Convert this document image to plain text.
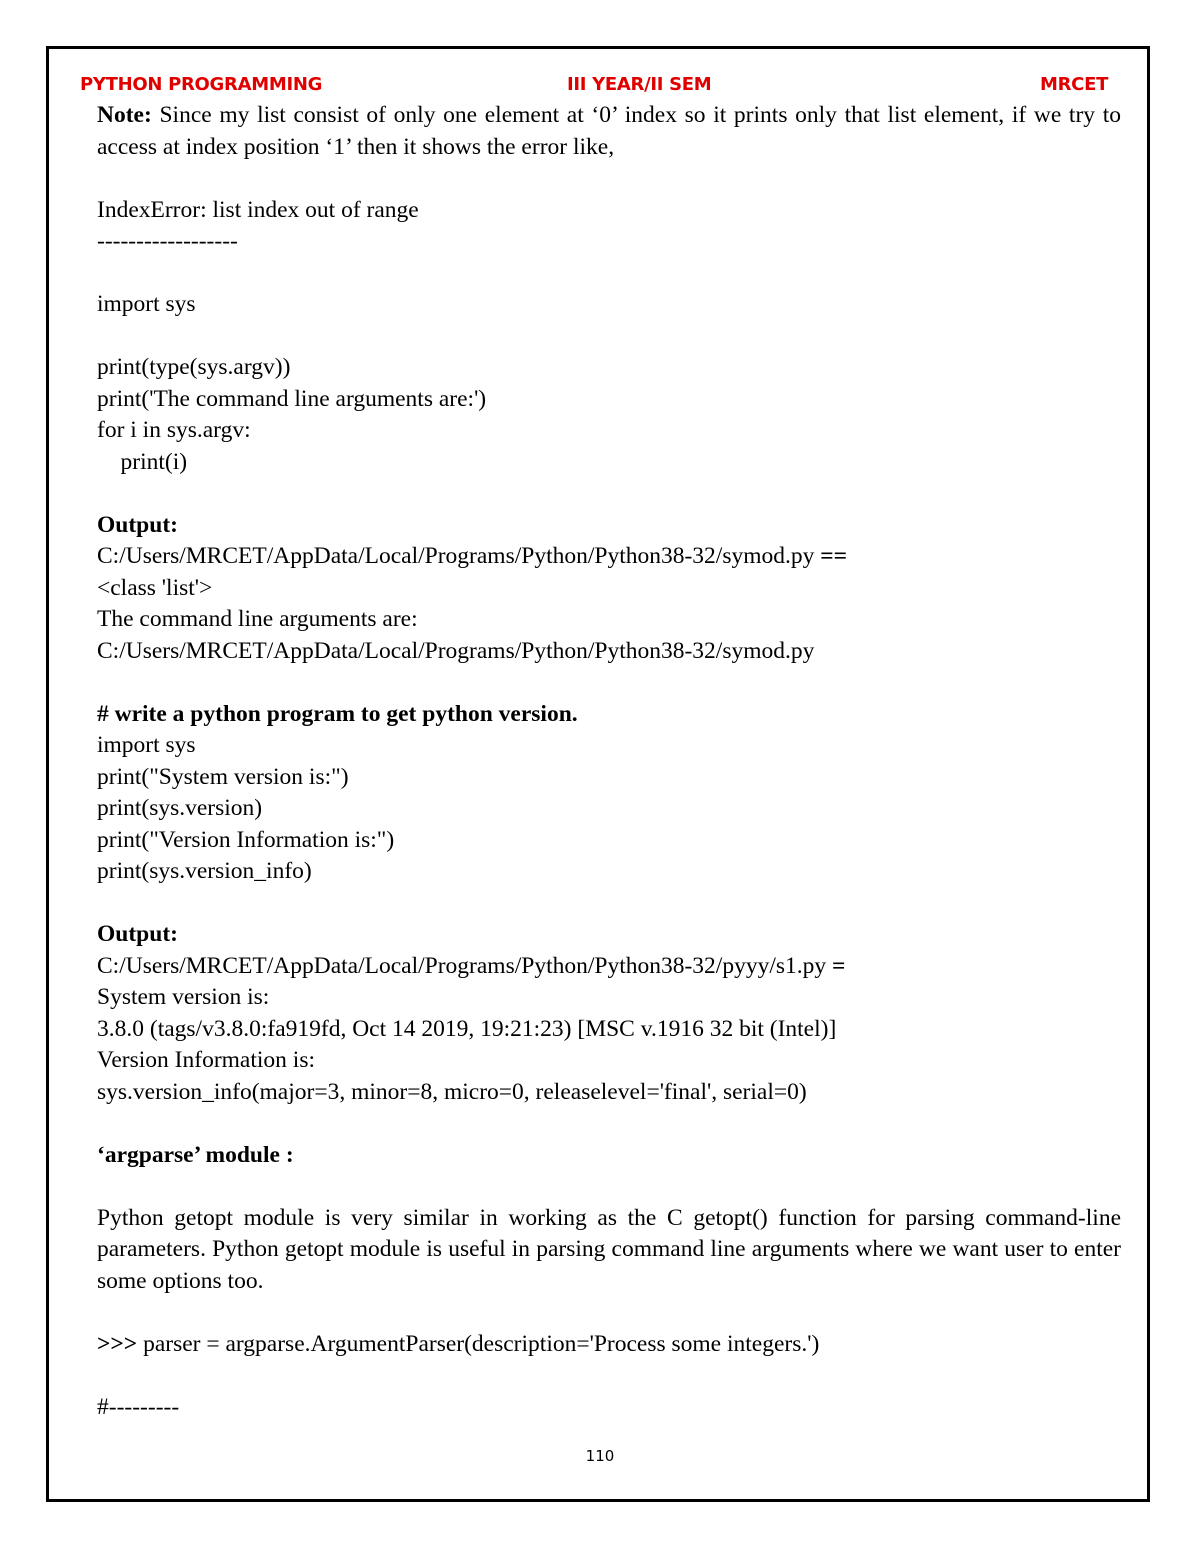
PYTHON PROGRAMMING	III YEAR/II SEM	MRCET
Note: Since my list consist of only one element at ‘0’ index so it prints only that list element, if we try to access at index position ‘1’ then it shows the error like,
IndexError: list index out of range
------------------
import sys
print(type(sys.argv))
print('The command line arguments are:')
for i in sys.argv:
print(i)
Output:
C:/Users/MRCET/AppData/Local/Programs/Python/Python38-32/symod.py ==
<class 'list'>
The command line arguments are:
C:/Users/MRCET/AppData/Local/Programs/Python/Python38-32/symod.py
# write a python program to get python version.
import sys
print("System version is:")
print(sys.version)
print("Version Information is:")
print(sys.version_info)
Output:
C:/Users/MRCET/AppData/Local/Programs/Python/Python38-32/pyyy/s1.py =
System version is:
3.8.0 (tags/v3.8.0:fa919fd, Oct 14 2019, 19:21:23) [MSC v.1916 32 bit (Intel)]
Version Information is:
sys.version_info(major=3, minor=8, micro=0, releaselevel='final', serial=0)
‘argparse’ module :
Python getopt module is very similar in working as the C getopt() function for parsing command-line parameters. Python getopt module is useful in parsing command line arguments where we want user to enter some options too.
>>> parser = argparse.ArgumentParser(description='Process some integers.')
#---------
110
